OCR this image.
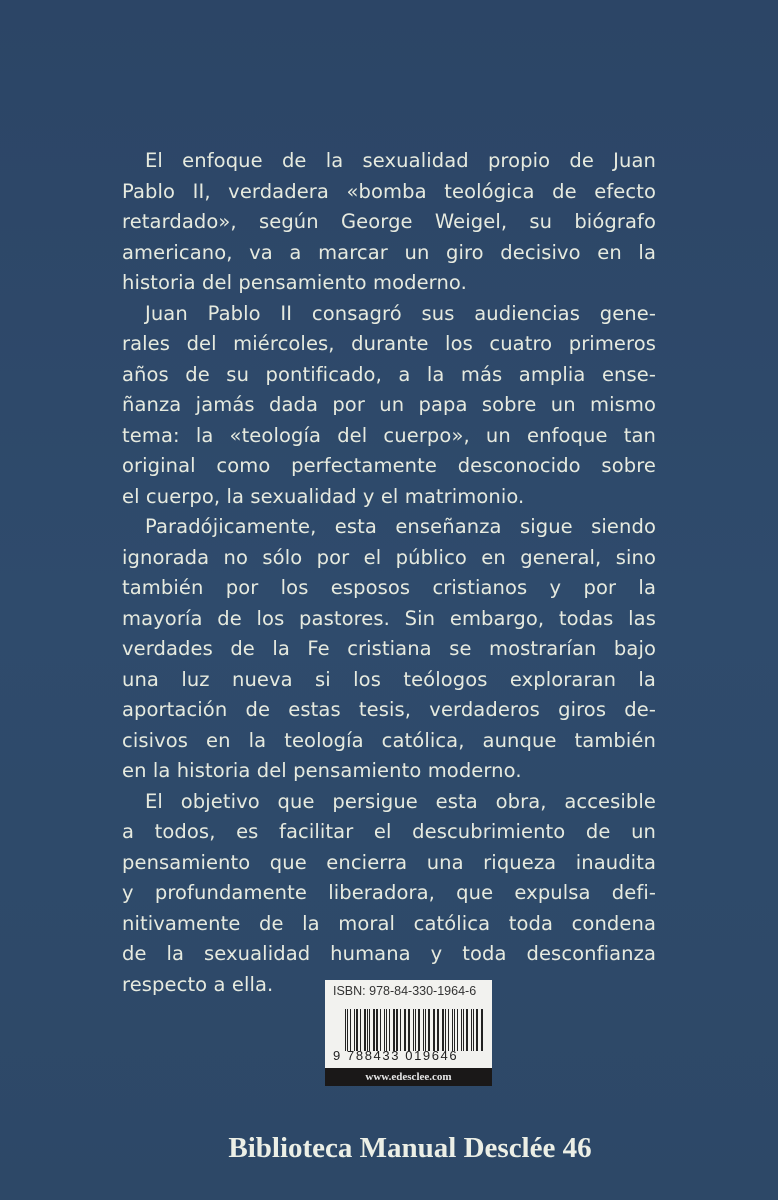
El enfoque de la sexualidad propio de Juan
Pablo II, verdadera «bomba teológica de efecto
retardado», según George Weigel, su biógrafo
americano, va a marcar un giro decisivo en la
historia del pensamiento moderno.
Juan Pablo II consagró sus audiencias gene-
rales del miércoles, durante los cuatro primeros
años de su pontificado, a la más amplia ense-
ñanza jamás dada por un papa sobre un mismo
tema: la «teología del cuerpo», un enfoque tan
original como perfectamente desconocido sobre
el cuerpo, la sexualidad y el matrimonio.
Paradójicamente, esta enseñanza sigue siendo
ignorada no sólo por el público en general, sino
también por los esposos cristianos y por la
mayoría de los pastores. Sin embargo, todas las
verdades de la Fe cristiana se mostrarían bajo
una luz nueva si los teólogos exploraran la
aportación de estas tesis, verdaderos giros de-
cisivos en la teología católica, aunque también
en la historia del pensamiento moderno.
El objetivo que persigue esta obra, accesible
a todos, es facilitar el descubrimiento de un
pensamiento que encierra una riqueza inaudita
y profundamente liberadora, que expulsa defi-
nitivamente de la moral católica toda condena
de la sexualidad humana y toda desconfianza
respecto a ella.	ISBN: 978-84-330-1964-6
9 788433 019646
www.edesclee.com
Biblioteca Manual Desclée 46
